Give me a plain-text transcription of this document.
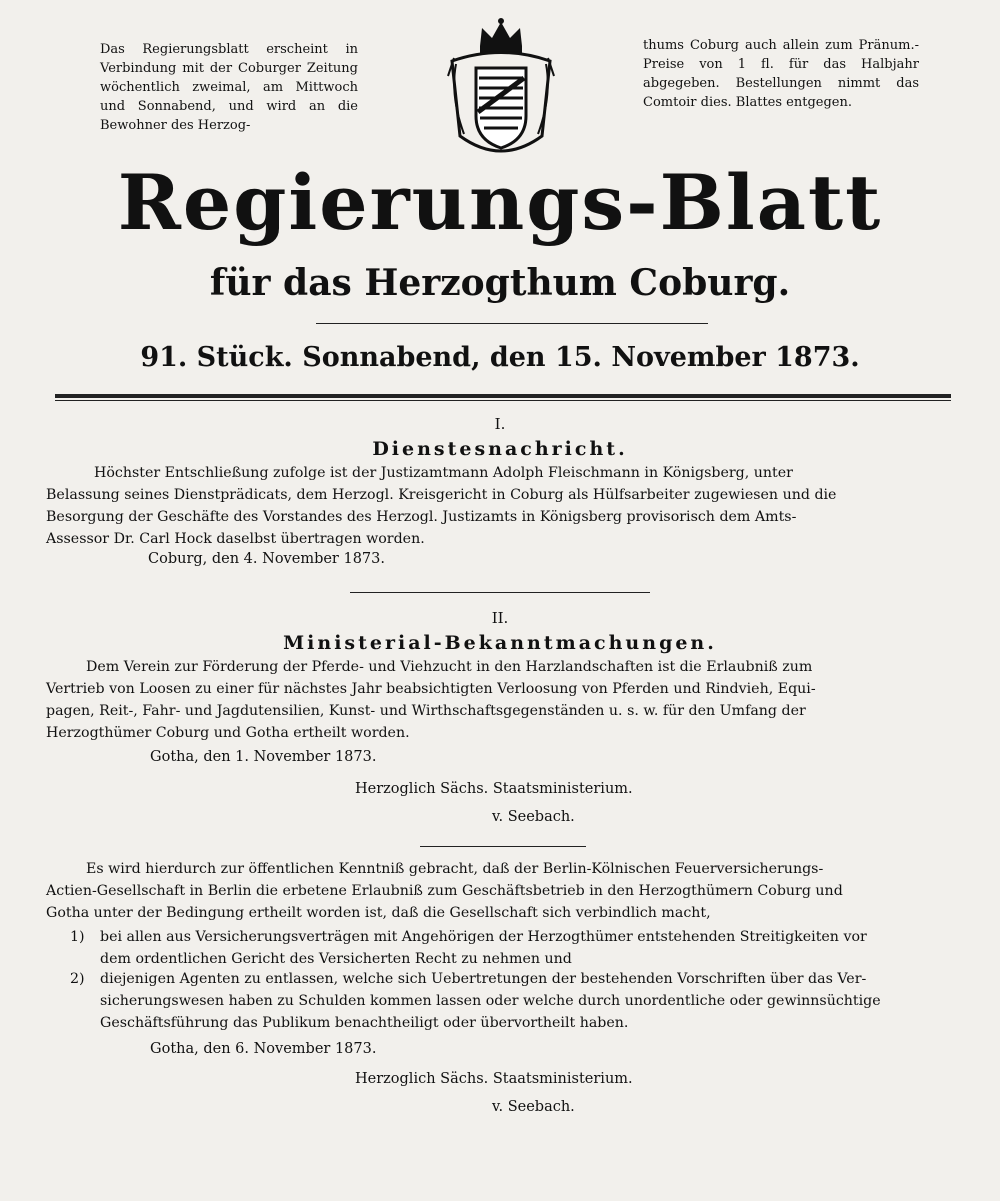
Das Regierungsblatt erscheint in Verbindung mit der Coburger Zeitung wöchentlich zweimal, am Mittwoch und Sonnabend, und wird an die Bewohner des Herzog-
thums Coburg auch allein zum Pränum.-Preise von 1 fl. für das Halbjahr abgegeben. Bestellungen nimmt das Comtoir dies. Blattes entgegen.
Regierungs-Blatt
für das Herzogthum Coburg.
91. Stück. Sonnabend, den 15. November 1873.
I.
Dienstesnachricht.
Höchster Entschließung zufolge ist der Justizamtmann Adolph Fleischmann in Königsberg, unter
Belassung seines Dienstprädicats, dem Herzogl. Kreisgericht in Coburg als Hülfsarbeiter zugewiesen und die
Besorgung der Geschäfte des Vorstandes des Herzogl. Justizamts in Königsberg provisorisch dem Amts-
Assessor Dr. Carl Hock daselbst übertragen worden.
Coburg, den 4. November 1873.
II.
Ministerial-Bekanntmachungen.
Dem Verein zur Förderung der Pferde- und Viehzucht in den Harzlandschaften ist die Erlaubniß zum
Vertrieb von Loosen zu einer für nächstes Jahr beabsichtigten Verloosung von Pferden und Rindvieh, Equi-
pagen, Reit-, Fahr- und Jagdutensilien, Kunst- und Wirthschaftsgegenständen u. s. w. für den Umfang der
Herzogthümer Coburg und Gotha ertheilt worden.
Gotha, den 1. November 1873.
Herzoglich Sächs. Staatsministerium.
v. Seebach.
Es wird hierdurch zur öffentlichen Kenntniß gebracht, daß der Berlin-Kölnischen Feuerversicherungs-
Actien-Gesellschaft in Berlin die erbetene Erlaubniß zum Geschäftsbetrieb in den Herzogthümern Coburg und
Gotha unter der Bedingung ertheilt worden ist, daß die Gesellschaft sich verbindlich macht,
1) bei allen aus Versicherungsverträgen mit Angehörigen der Herzogthümer entstehenden Streitigkeiten vor
dem ordentlichen Gericht des Versicherten Recht zu nehmen und
2) diejenigen Agenten zu entlassen, welche sich Uebertretungen der bestehenden Vorschriften über das Ver-
sicherungswesen haben zu Schulden kommen lassen oder welche durch unordentliche oder gewinnsüchtige
Geschäftsführung das Publikum benachtheiligt oder übervortheilt haben.
Gotha, den 6. November 1873.
Herzoglich Sächs. Staatsministerium.
v. Seebach.
